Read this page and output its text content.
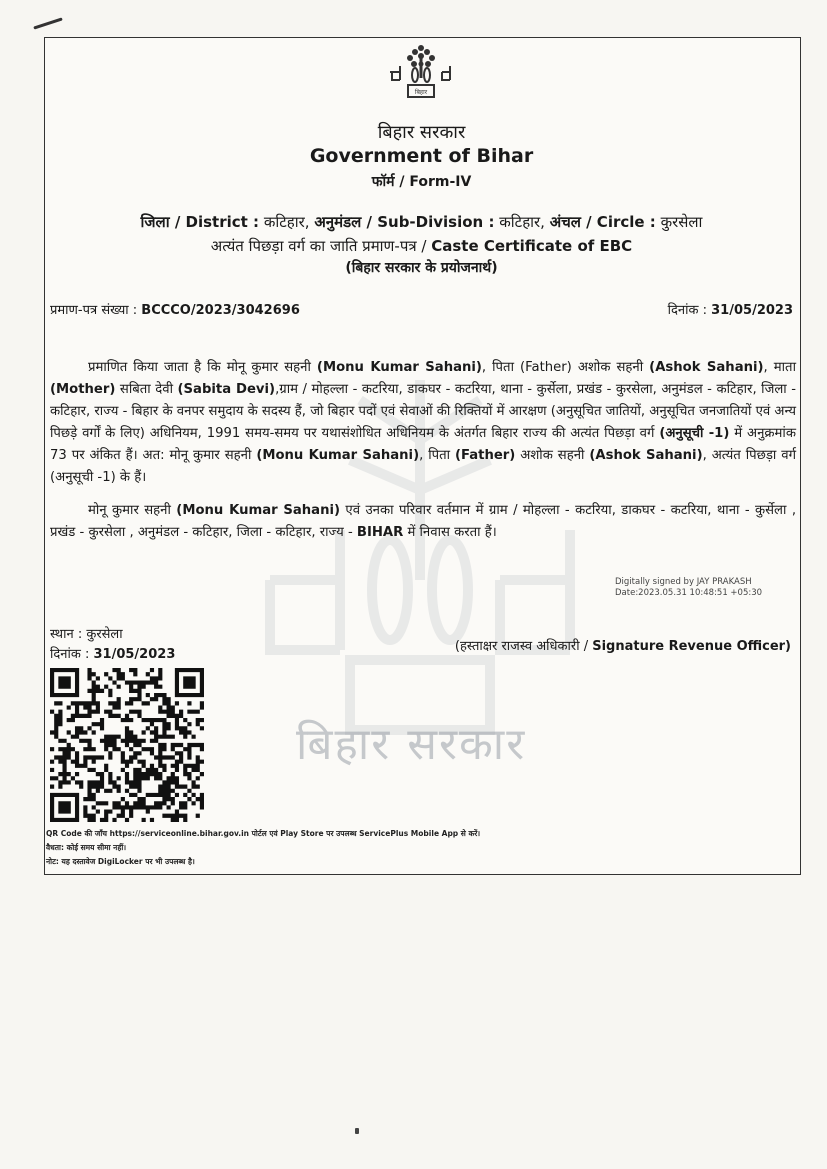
बिहार सरकार
बिहार
बिहार सरकार
Government of Bihar
फॉर्म / Form-IV
जिला / District : कटिहार, अनुमंडल / Sub-Division : कटिहार, अंचल / Circle : कुरसेला
अत्यंत पिछड़ा वर्ग का जाति प्रमाण-पत्र / Caste Certificate of EBC
(बिहार सरकार के प्रयोजनार्थ)
प्रमाण-पत्र संख्या : BCCCO/2023/3042696	दिनांक : 31/05/2023
प्रमाणित किया जाता है कि मोनू कुमार सहनी (Monu Kumar Sahani), पिता (Father) अशोक सहनी (Ashok Sahani), माता (Mother) सबिता देवी (Sabita Devi),ग्राम / मोहल्ला - कटरिया, डाकघर - कटरिया, थाना - कुर्सेला, प्रखंड - कुरसेला, अनुमंडल - कटिहार, जिला - कटिहार, राज्य - बिहार के वनपर समुदाय के सदस्य हैं, जो बिहार पदों एवं सेवाओं की रिक्तियों में आरक्षण (अनुसूचित जातियों, अनुसूचित जनजातियों एवं अन्य पिछड़े वर्गों के लिए) अधिनियम, 1991 समय-समय पर यथासंशोधित अधिनियम के अंतर्गत बिहार राज्य की अत्यंत पिछड़ा वर्ग (अनुसूची -1) में अनुक्रमांक 73 पर अंकित हैं। अत: मोनू कुमार सहनी (Monu Kumar Sahani), पिता (Father) अशोक सहनी (Ashok Sahani), अत्यंत पिछड़ा वर्ग (अनुसूची -1) के हैं।
मोनू कुमार सहनी (Monu Kumar Sahani) एवं उनका परिवार वर्तमान में ग्राम / मोहल्ला - कटरिया, डाकघर - कटरिया, थाना - कुर्सेला , प्रखंड - कुरसेला , अनुमंडल - कटिहार, जिला - कटिहार, राज्य - BIHAR में निवास करता हैं।
Digitally signed by JAY PRAKASH
Date:2023.05.31 10:48:51 +05:30
स्थान : कुरसेला
दिनांक : 31/05/2023
(हस्ताक्षर राजस्व अधिकारी / Signature Revenue Officer)
QR Code की जाँच https://serviceonline.bihar.gov.in पोर्टल एवं Play Store पर उपलब्ध ServicePlus Mobile App से करें।
वैधता: कोई समय सीमा नहीं।
नोट: यह दस्तावेज DigiLocker पर भी उपलब्ध है।
